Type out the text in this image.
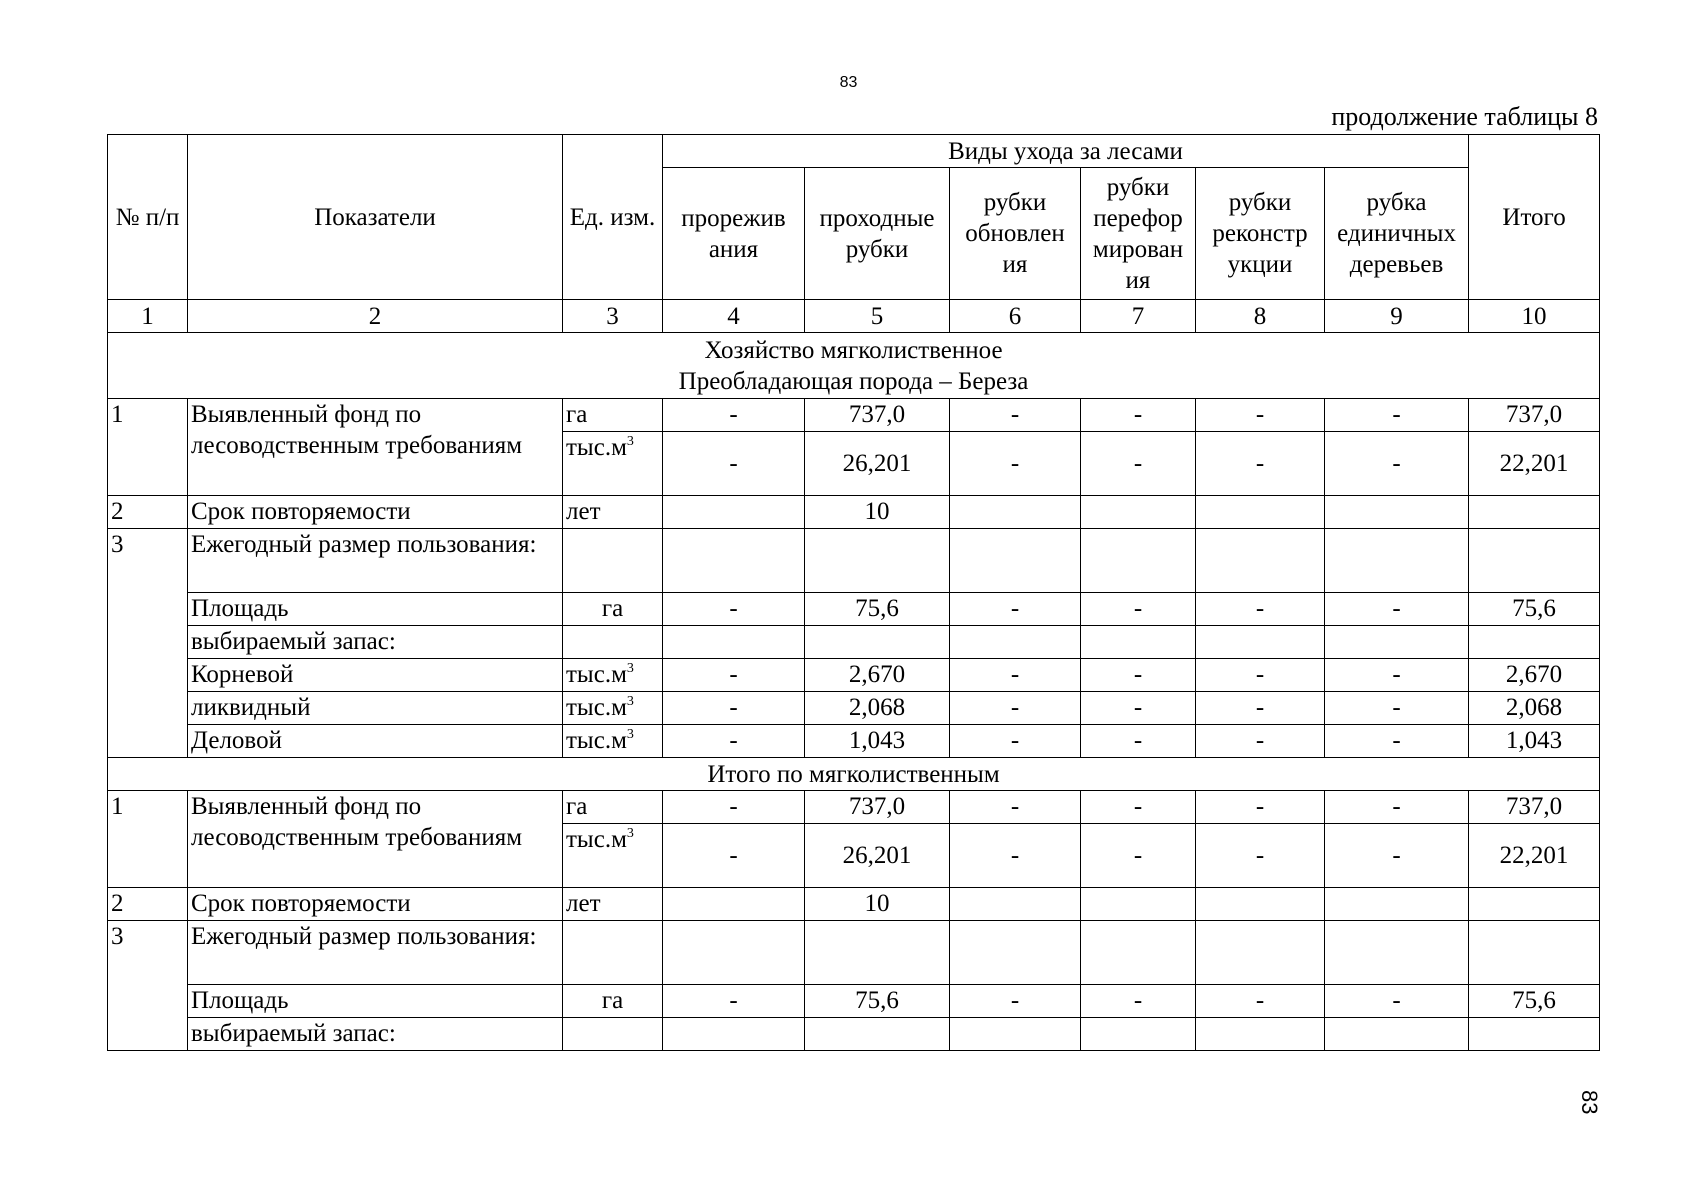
83
продолжение таблицы 8
№ п/п	Показатели	Ед. изм.	Виды ухода за лесами						Итого
			прорежив ания	проходные рубки	рубки обновлен ия	рубки перефор мирован ия	рубки реконстр укции	рубка единичных деревьев	
1	2	3	4	5	6	7	8	9	10

Хозяйство мягколиственное
Преобладающая порода – Береза									

1	Выявленный фонд по лесоводственным требованиям	га	-	737,0	-	-	-	-	737,0
		$тыс.м^3$	-	26,201	-	-	-	-	22,201
2	Срок повторяемости	лет		10					
3	Ежегодный размер пользования:								
	Площадь	га	-	75,6	-	-	-	-	75,6
	выбираемый запас:								
	Корневой	$тыс.м^3$	-	2,670	-	-	-	-	2,670
	ликвидный	$тыс.м^3$	-	2,068	-	-	-	-	2,068
	Деловой	$тыс.м^3$	-	1,043	-	-	-	-	1,043
Итого по мягколиственным									
1	Выявленный фонд по лесоводственным требованиям	га	-	737,0	-	-	-	-	737,0
		$тыс.м^3$	-	26,201	-	-	-	-	22,201
2	Срок повторяемости	лет		10					
3	Ежегодный размер пользования:								
	Площадь	га	-	75,6	-	-	-	-	75,6
	выбираемый запас:								
83
